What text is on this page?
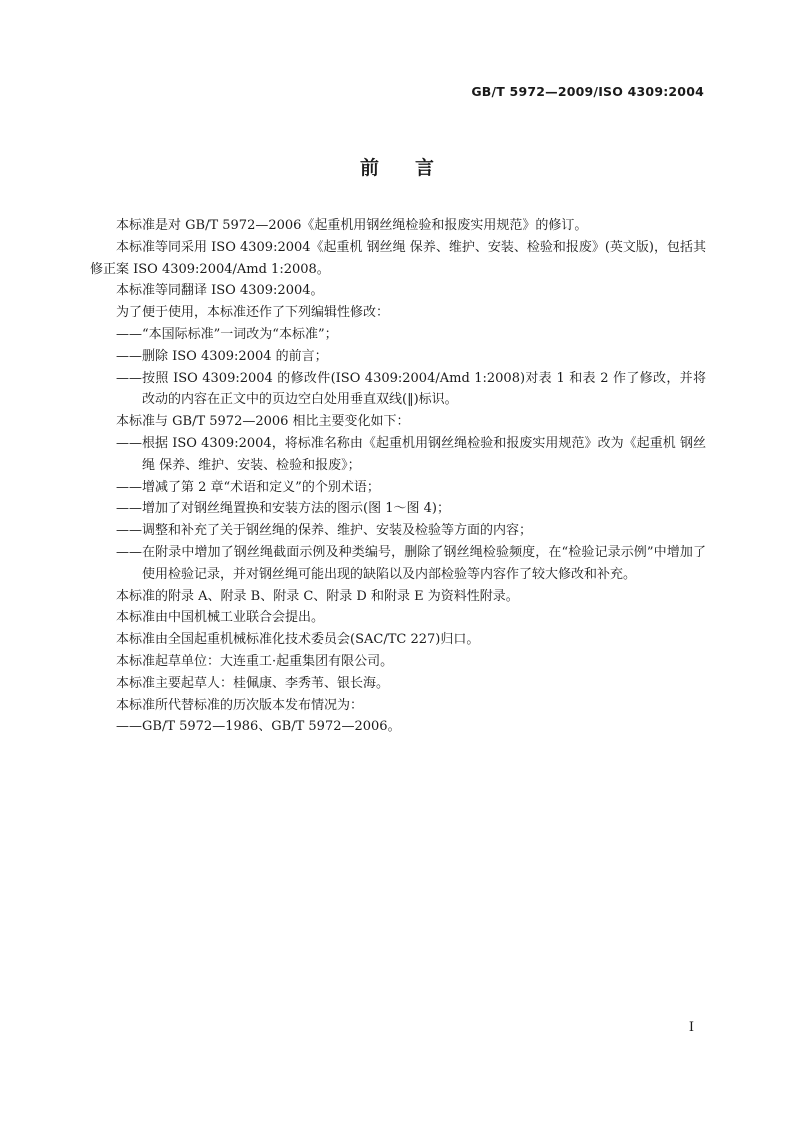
GB/T 5972—2009/ISO 4309:2004
前 言

本标准是对 GB/T 5972—2006《起重机用钢丝绳检验和报废实用规范》的修订。

本标准等同采用 ISO 4309:2004《起重机 钢丝绳 保养、维护、安装、检验和报废》(英文版)，包括其修正案 ISO 4309:2004/Amd 1:2008。

本标准等同翻译 ISO 4309:2004。

为了便于使用，本标准还作了下列编辑性修改：

—— “本国际标准”一词改为“本标准”；
—— 删除 ISO 4309:2004 的前言；
—— 按照 ISO 4309:2004 的修改件(ISO 4309:2004/Amd 1:2008)对表 1 和表 2 作了修改，并将改动的内容在正文中的页边空白处用垂直双线(‖)标识。

本标准与 GB/T 5972—2006 相比主要变化如下：

—— 根据 ISO 4309:2004，将标准名称由《起重机用钢丝绳检验和报废实用规范》改为《起重机 钢丝绳 保养、维护、安装、检验和报废》；
—— 增减了第 2 章“术语和定义”的个别术语；
—— 增加了对钢丝绳置换和安装方法的图示(图 1～图 4)；
—— 调整和补充了关于钢丝绳的保养、维护、安装及检验等方面的内容；
—— 在附录中增加了钢丝绳截面示例及种类编号，删除了钢丝绳检验频度，在“检验记录示例”中增加了使用检验记录，并对钢丝绳可能出现的缺陷以及内部检验等内容作了较大修改和补充。

本标准的附录 A、附录 B、附录 C、附录 D 和附录 E 为资料性附录。

本标准由中国机械工业联合会提出。

本标准由全国起重机械标准化技术委员会(SAC/TC 227)归口。

本标准起草单位：大连重工·起重集团有限公司。

本标准主要起草人：桂佩康、李秀苇、银长海。

本标准所代替标准的历次版本发布情况为：

—— GB/T 5972—1986、GB/T 5972—2006。
I
